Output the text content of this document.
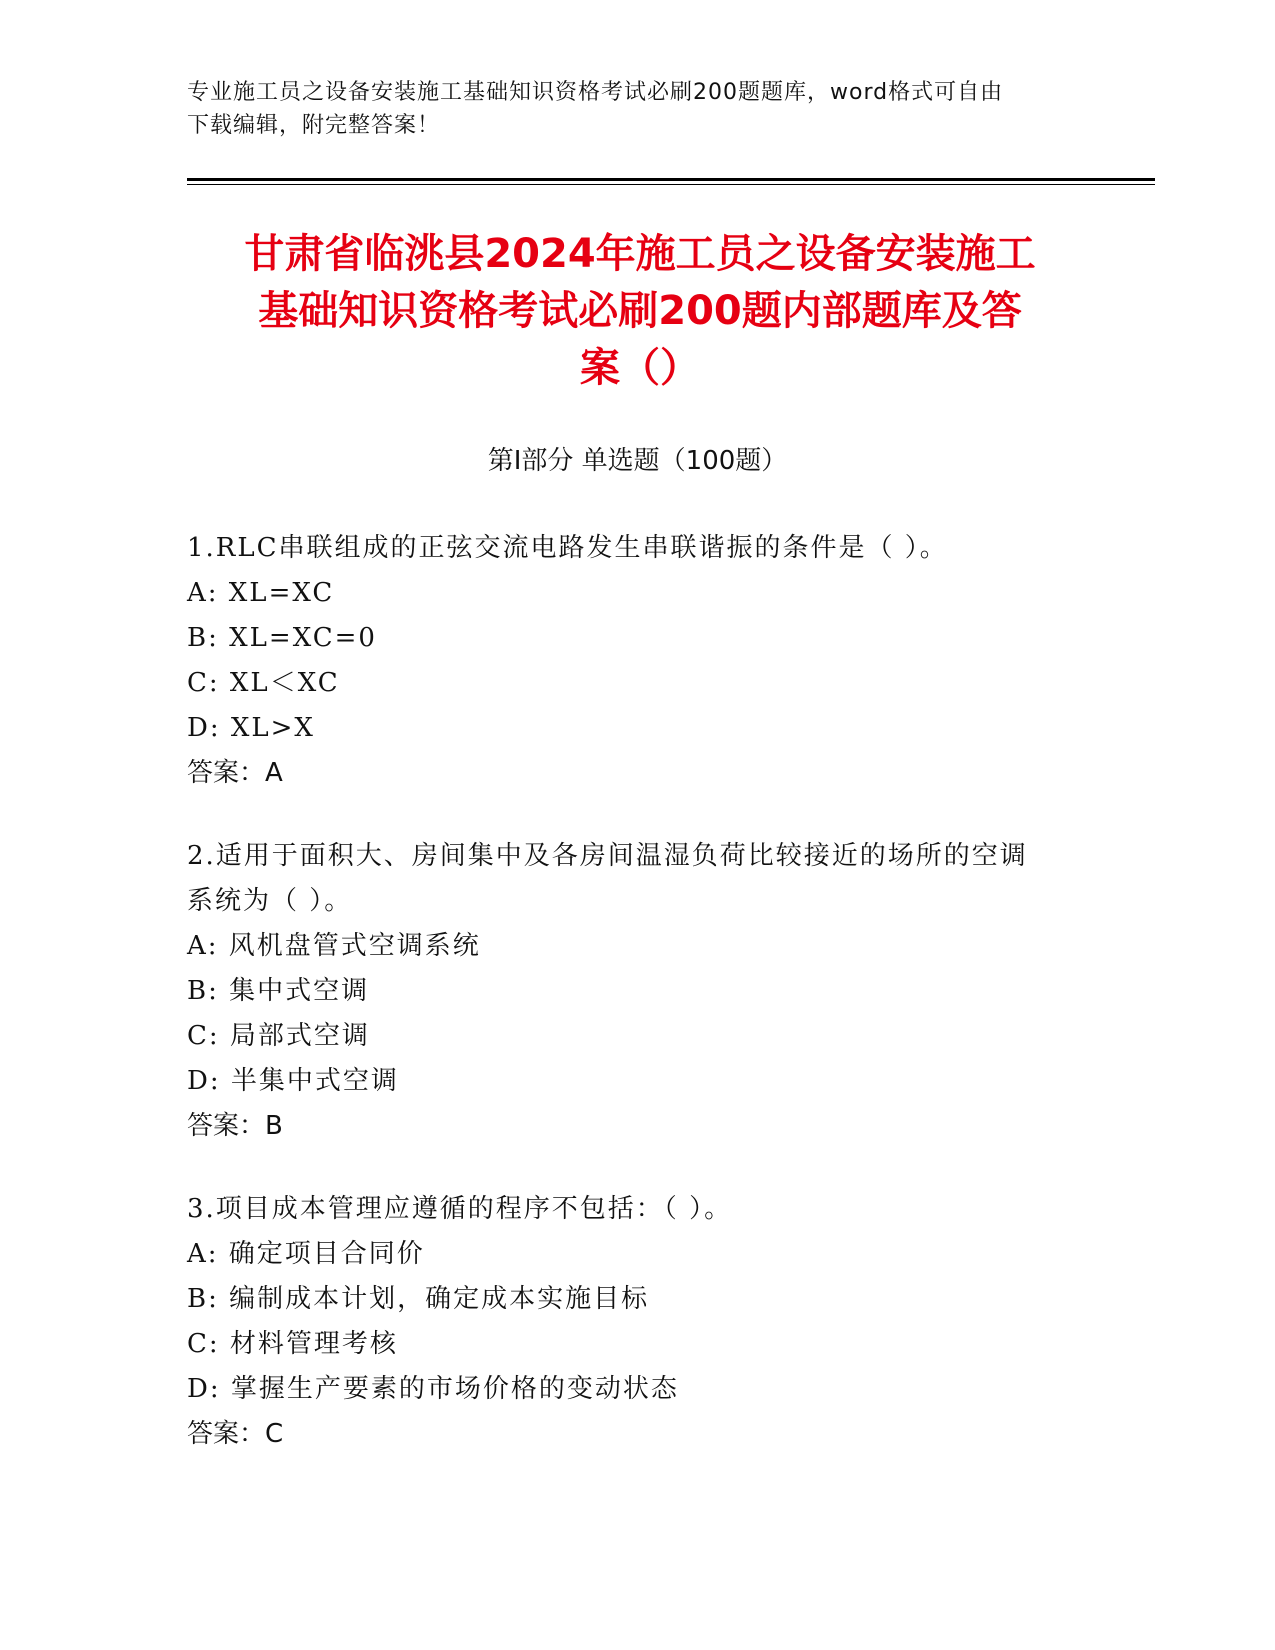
专业施工员之设备安装施工基础知识资格考试必刷200题题库，word格式可自由
下载编辑，附完整答案！
甘肃省临洮县2024年施工员之设备安装施工
基础知识资格考试必刷200题内部题库及答
案（）
第Ⅰ部分 单选题（100题）
1.RLC串联组成的正弦交流电路发生串联谐振的条件是（ ）。
A: XL=XC
B: XL=XC=0
C: XL＜XC
D: XL>X
答案：A
2.适用于面积大、房间集中及各房间温湿负荷比较接近的场所的空调
系统为（ ）。
A: 风机盘管式空调系统
B: 集中式空调
C: 局部式空调
D: 半集中式空调
答案：B
3.项目成本管理应遵循的程序不包括：（ ）。
A: 确定项目合同价
B: 编制成本计划，确定成本实施目标
C: 材料管理考核
D: 掌握生产要素的市场价格的变动状态
答案：C
